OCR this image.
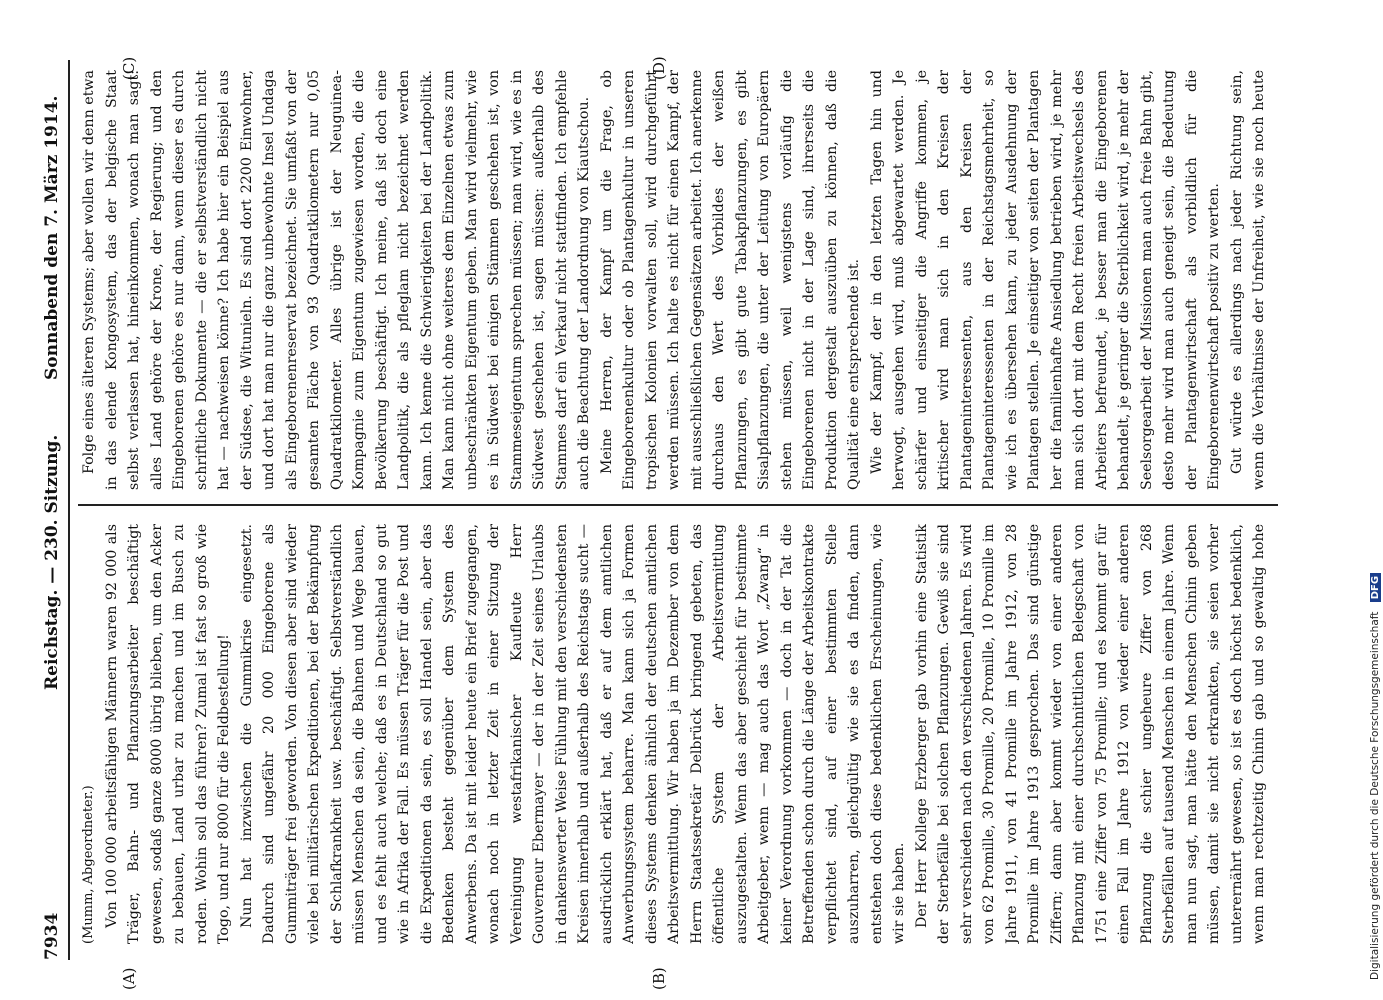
7934
Reichstag. — 230. Sitzung.
Sonnabend den 7. März 1914.
(A)	(B)
(C)	(D)

(Mumm, Abgeordneter.) Von 100 000 arbeitsfähigen Männern waren 92 000 als Träger, Bahn- und Pflanzungsarbeiter beschäftigt gewesen, sodaß ganze 8000 übrig blieben, um den Acker zu bebauen, Land urbar zu machen und im Busch zu roden. Wohin soll das führen? Zumal ist fast so groß wie Togo, und nur 8000 für die Feldbestellung! Nun hat inzwischen die Gummikrise eingesetzt. Dadurch sind ungefähr 20 000 Eingeborene als Gummiträger frei geworden. Von diesen aber sind wieder viele bei militärischen Expeditionen, bei der Bekämpfung der Schlafkrankheit usw. beschäftigt. Selbstverständlich müssen Menschen da sein, die Bahnen und Wege bauen, und es fehlt auch welche; daß es in Deutschland so gut wie in Afrika der Fall. Es müssen Träger für die Post und die Expeditionen da sein, es soll Handel sein, aber das Bedenken besteht gegenüber dem System des Anwerbens. Da ist mit leider heute ein Brief zugegangen, wonach noch in letzter Zeit in einer Sitzung der Vereinigung westafrikanischer Kaufleute Herr Gouverneur Ebermayer — der in der Zeit seines Urlaubs in dankenswerter Weise Fühlung mit den verschiedensten Kreisen innerhalb und außerhalb des Reichstags sucht — ausdrücklich erklärt hat, daß er auf dem amtlichen Anwerbungssystem beharre. Man kann sich ja Formen dieses Systems denken ähnlich der deutschen amtlichen Arbeitsvermittlung. Wir haben ja im Dezember von dem Herrn Staatssekretär Delbrück bringend gebeten, das öffentliche System der Arbeitsvermittlung auszugestalten. Wenn das aber geschieht für bestimmte Arbeitgeber, wenn — mag auch das Wort „Zwang“ in keiner Verordnung vorkommen — doch in der Tat die Betreffenden schon durch die Länge der Arbeitskontrakte verpflichtet sind, auf einer bestimmten Stelle auszuharren, gleichgültig wie sie es da finden, dann entstehen doch diese bedenklichen Erscheinungen, wie wir sie haben. Der Herr Kollege Erzberger gab vorhin eine Statistik der Sterbefälle bei solchen Pflanzungen. Gewiß sie sind sehr verschieden nach den verschiedenen Jahren. Es wird von 62 Promille, 30 Promille, 20 Promille, 10 Promille im Jahre 1911, von 41 Promille im Jahre 1912, von 28 Promille im Jahre 1913 gesprochen. Das sind günstige Ziffern; dann aber kommt wieder von einer anderen Pflanzung mit einer durchschnittlichen Belegschaft von 1751 eine Ziffer von 75 Promille; und es kommt gar für einen Fall im Jahre 1912 von wieder einer anderen Pflanzung die schier ungeheure Ziffer von 268 Sterbefällen auf tausend Menschen in einem Jahre. Wenn man nun sagt, man hätte den Menschen Chinin geben müssen, damit sie nicht erkrankten, sie seien vorher unterernährt gewesen, so ist es doch höchst bedenklich, wenn man rechtzeitig Chinin gab und so gewaltig hohe

Folge eines älteren Systems; aber wollen wir denn etwa in das elende Kongosystem, das der belgische Staat selbst verlassen hat, hineinkommen, wonach man sagt: alles Land gehöre der Krone, der Regierung; und den Eingeborenen gehöre es nur dann, wenn dieser es durch schriftliche Dokumente — die er selbstverständlich nicht hat — nachweisen könne? Ich habe hier ein Beispiel aus der Südsee, die Witunieln. Es sind dort 2200 Einwohner, und dort hat man nur die ganz unbewohnte Insel Undaga als Eingeborenenreservat bezeichnet. Sie umfaßt von der gesamten Fläche von 93 Quadratkilometern nur 0,05 Quadratkilometer. Alles übrige ist der Neuguinea-Kompagnie zum Eigentum zugewiesen worden, die die Bevölkerung beschäftigt. Ich meine, daß ist doch eine Landpolitik, die als pfleglam nicht bezeichnet werden kann. Ich kenne die Schwierigkeiten bei der Landpolitik. Man kann nicht ohne weiteres dem Einzelnen etwas zum unbeschränkten Eigentum geben. Man wird vielmehr, wie es in Südwest bei einigen Stämmen geschehen ist, von Stammeseigentum sprechen müssen; man wird, wie es in Südwest geschehen ist, sagen müssen: außerhalb des Stammes darf ein Verkauf nicht stattfinden. Ich empfehle auch die Beachtung der Landordnung von Kiautschou. Meine Herren, der Kampf um die Frage, ob Eingeborenenkultur oder ob Plantagenkultur in unseren tropischen Kolonien vorwalten soll, wird durchgeführt werden müssen. Ich halte es nicht für einen Kampf, der mit ausschließlichen Gegensätzen arbeitet. Ich anerkenne durchaus den Wert des Vorbildes der weißen Pflanzungen, es gibt gute Tabakpflanzungen, es gibt Sisalpflanzungen, die unter der Leitung von Europäern stehen müssen, weil wenigstens vorläufig die Eingeborenen nicht in der Lage sind, ihrerseits die Produktion dergestalt auszuüben zu können, daß die Qualität eine entsprechende ist. Wie der Kampf, der in den letzten Tagen hin und herwogt, ausgehen wird, muß abgewartet werden. Je schärfer und einseitiger die Angriffe kommen, je kritischer wird man sich in den Kreisen der Plantageninteressenten, aus den Kreisen der Plantageninteressenten in der Reichstagsmehrheit, so wie ich es übersehen kann, zu jeder Ausdehnung der Plantagen stellen. Je einseitiger von seiten der Plantagen her die familienhafte Ansiedlung betrieben wird, je mehr man sich dort mit dem Recht freien Arbeitswechsels des Arbeiters befreundet, je besser man die Eingeborenen behandelt, je geringer die Sterblichkeit wird, je mehr der Seelsorgearbeit der Missionen man auch freie Bahn gibt, desto mehr wird man auch geneigt sein, die Bedeutung der Plantagenwirtschaft als vorbildlich für die Eingeborenenwirtschaft positiv zu werten. Gut würde es allerdings nach jeder Richtung sein, wenn die Verhältnisse der Unfreiheit, wie sie noch heute

Digitalisierung gefördert durch die Deutsche Forschungsgemeinschaft DFG
